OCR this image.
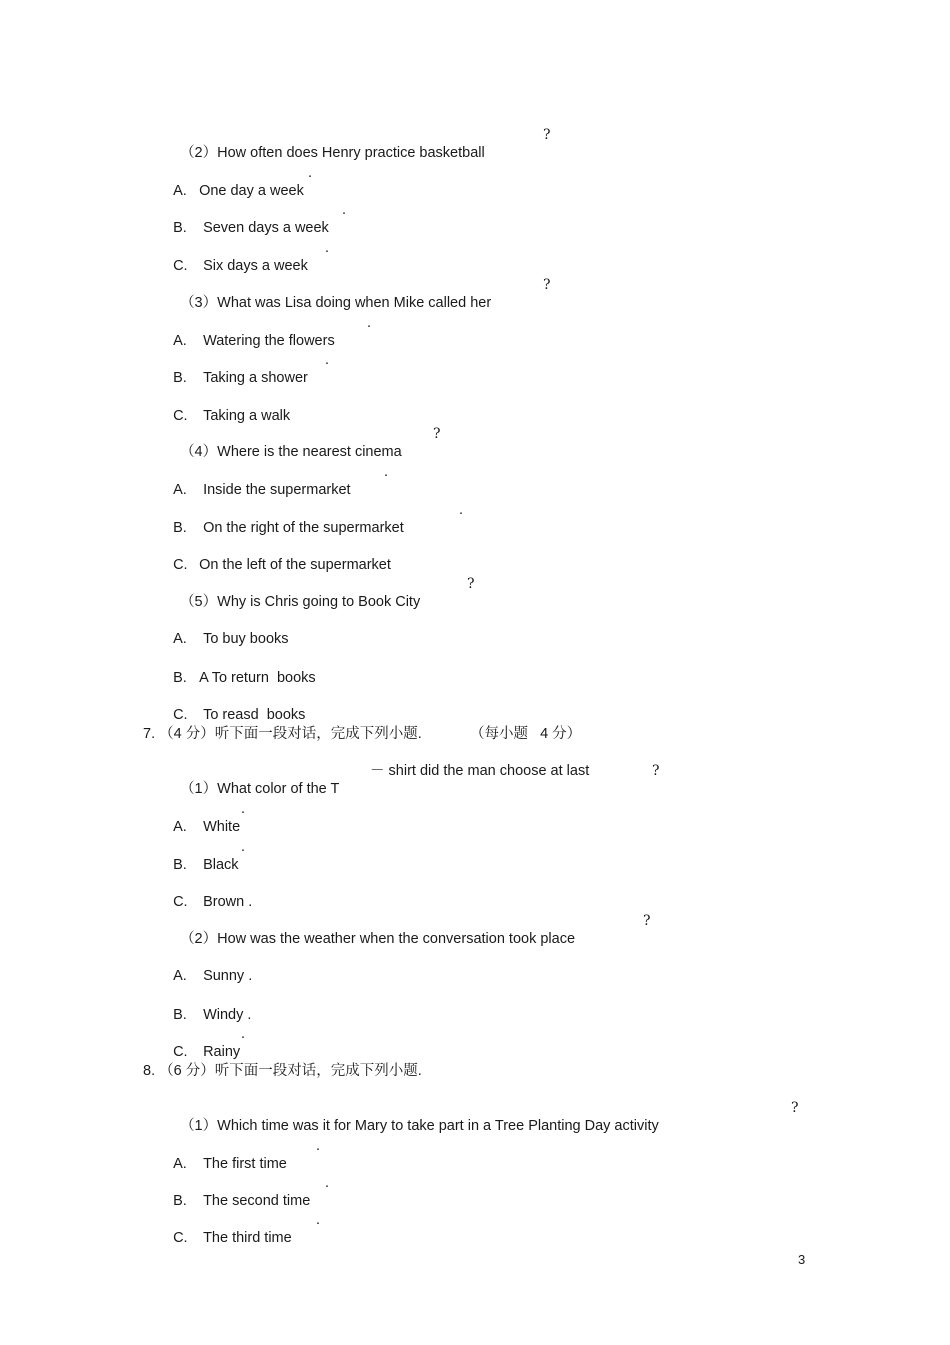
（2）How often does Henry practice basketball

?

A. One day a week

.

B. Seven days a week

.

C. Six days a week

.

（3）What was Lisa doing when Mike called her

?

A. Watering the flowers

.

B. Taking a shower

.

C. Taking a walk

（4）Where is the nearest cinema

?

A. Inside the supermarket

.

B. On the right of the supermarket

.

C. On the left of the supermarket

（5）Why is Chris going to Book City

?

A. To buy books

B. A To return  books

C. To reasd  books

7. （4 分）听下面一段对话，完成下列小题.	（每小题   4 分）

（1）What color of the T

－ shirt did the man choose at last	?

A. White

.

B. Black

.

C. Brown .

（2）How was the weather when the conversation took place

?

A. Sunny .

B. Windy .

C. Rainy

.
8. （6 分）听下面一段对话，完成下列小题.

（1）Which time was it for Mary to take part in a Tree Planting Day activity

?

A. The first time

.

B. The second time

.

C. The third time

.
3
